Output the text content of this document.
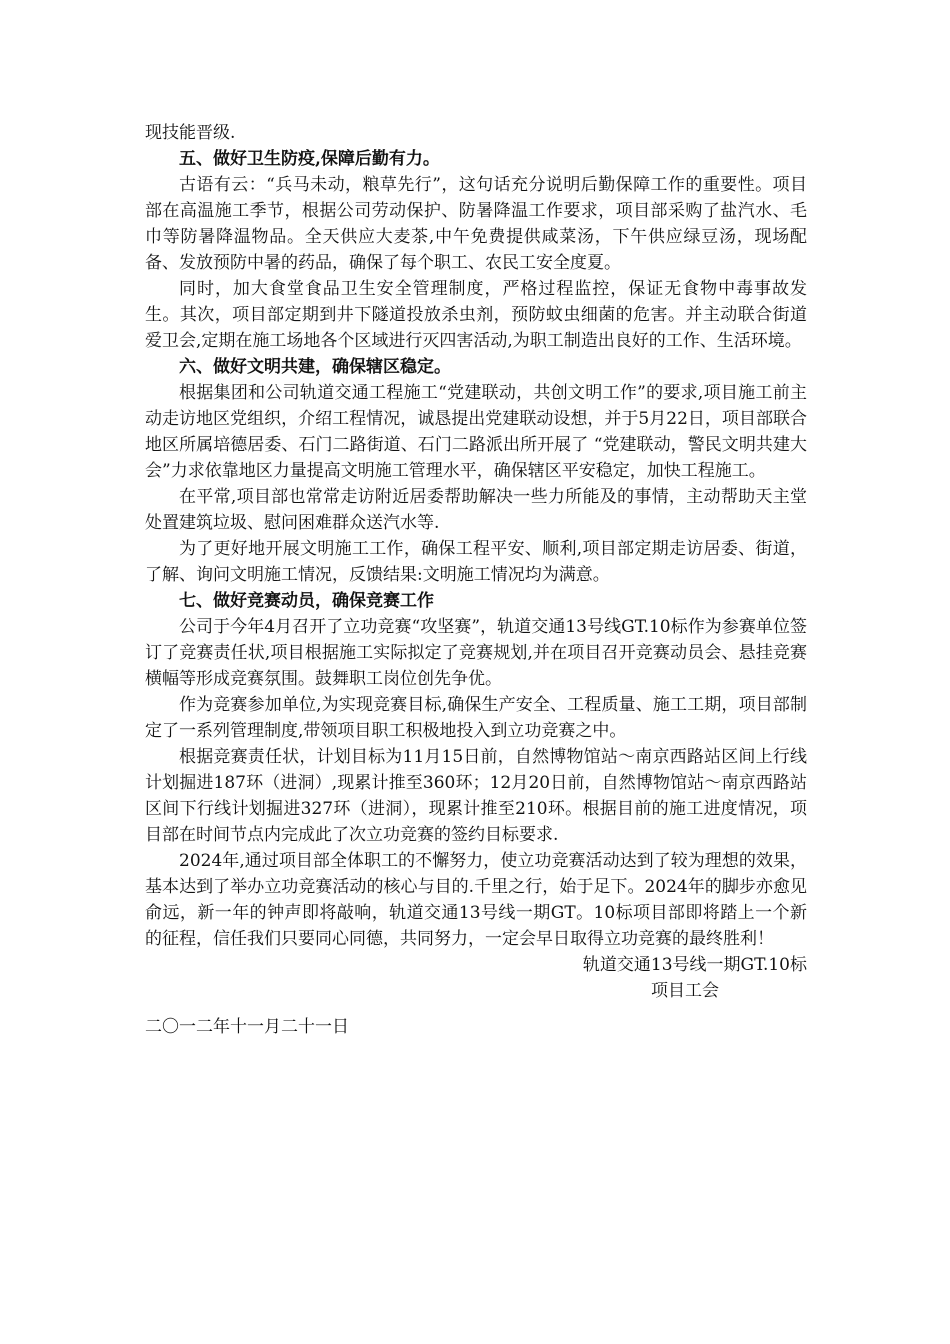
现技能晋级.

五、做好卫生防疫,保障后勤有力。

古语有云：“兵马未动，粮草先行”，这句话充分说明后勤保障工作的重要性。项目部在高温施工季节，根据公司劳动保护、防暑降温工作要求，项目部采购了盐汽水、毛巾等防暑降温物品。全天供应大麦茶,中午免费提供咸菜汤，下午供应绿豆汤，现场配备、发放预防中暑的药品，确保了每个职工、农民工安全度夏。

同时，加大食堂食品卫生安全管理制度，严格过程监控，保证无食物中毒事故发生。其次，项目部定期到井下隧道投放杀虫剂，预防蚊虫细菌的危害。并主动联合街道爱卫会,定期在施工场地各个区域进行灭四害活动,为职工制造出良好的工作、生活环境。

六、做好文明共建，确保辖区稳定。

根据集团和公司轨道交通工程施工“党建联动，共创文明工作”的要求,项目施工前主动走访地区党组织，介绍工程情况，诚恳提出党建联动设想，并于5月22日，项目部联合地区所属培德居委、石门二路街道、石门二路派出所开展了 “党建联动，警民文明共建大会”力求依靠地区力量提高文明施工管理水平，确保辖区平安稳定，加快工程施工。

在平常,项目部也常常走访附近居委帮助解决一些力所能及的事情，主动帮助天主堂处置建筑垃圾、慰问困难群众送汽水等.

为了更好地开展文明施工工作，确保工程平安、顺利,项目部定期走访居委、街道，了解、询问文明施工情况，反馈结果:文明施工情况均为满意。

七、做好竞赛动员，确保竞赛工作

公司于今年4月召开了立功竞赛“攻坚赛”，轨道交通13号线GT.10标作为参赛单位签订了竞赛责任状,项目根据施工实际拟定了竞赛规划,并在项目召开竞赛动员会、悬挂竞赛横幅等形成竞赛氛围。鼓舞职工岗位创先争优。

作为竞赛参加单位,为实现竞赛目标,确保生产安全、工程质量、施工工期，项目部制定了一系列管理制度,带领项目职工积极地投入到立功竞赛之中。

根据竞赛责任状，计划目标为11月15日前，自然博物馆站～南京西路站区间上行线计划掘进187环（进洞）,现累计推至360环；12月20日前，自然博物馆站～南京西路站区间下行线计划掘进327环（进洞），现累计推至210环。根据目前的施工进度情况，项目部在时间节点内完成此了次立功竞赛的签约目标要求.

2024年,通过项目部全体职工的不懈努力，使立功竞赛活动达到了较为理想的效果，基本达到了举办立功竞赛活动的核心与目的.千里之行，始于足下。2024年的脚步亦愈见俞远，新一年的钟声即将敲响，轨道交通13号线一期GT。10标项目部即将踏上一个新的征程，信任我们只要同心同德，共同努力，一定会早日取得立功竞赛的最终胜利！

轨道交通13号线一期GT.10标

项目工会

二〇一二年十一月二十一日
